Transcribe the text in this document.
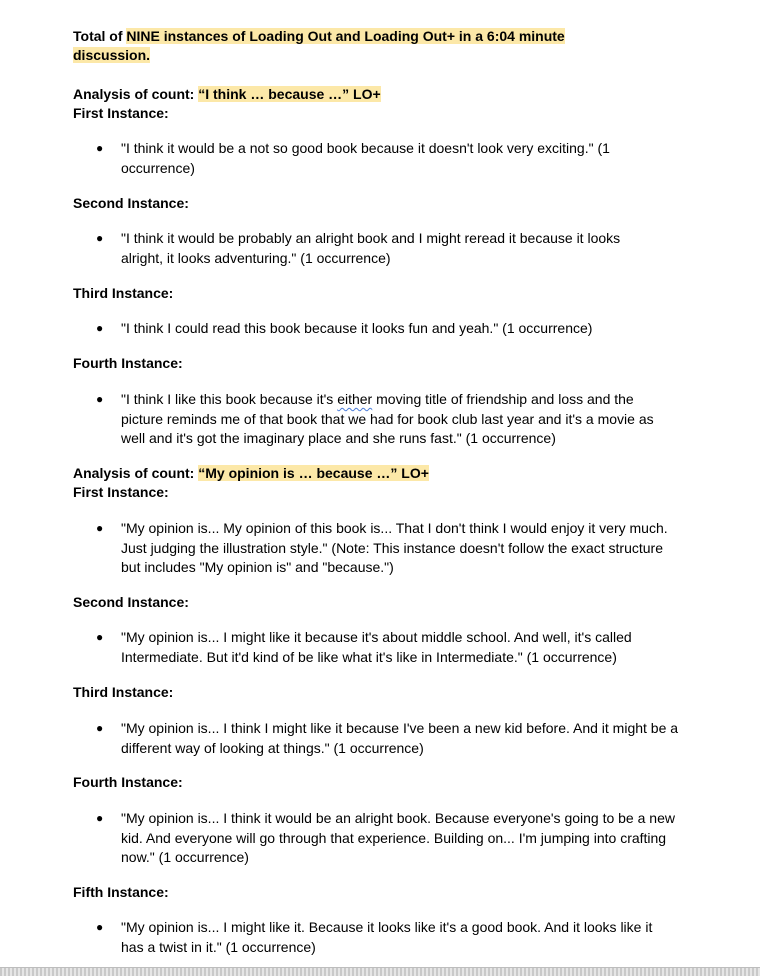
Total of NINE instances of Loading Out and Loading Out+ in a 6:04 minute discussion.
Analysis of count: “I think … because …” LO+
First Instance:
● "I think it would be a not so good book because it doesn't look very exciting." (1 occurrence)
Second Instance:
● "I think it would be probably an alright book and I might reread it because it looks alright, it looks adventuring." (1 occurrence)
Third Instance:
● "I think I could read this book because it looks fun and yeah." (1 occurrence)
Fourth Instance:
● "I think I like this book because it's either moving title of friendship and loss and the picture reminds me of that book that we had for book club last year and it's a movie as well and it's got the imaginary place and she runs fast." (1 occurrence)
Analysis of count: “My opinion is … because …” LO+
First Instance:
● "My opinion is... My opinion of this book is... That I don't think I would enjoy it very much. Just judging the illustration style." (Note: This instance doesn't follow the exact structure but includes "My opinion is" and "because.")
Second Instance:
● "My opinion is... I might like it because it's about middle school. And well, it's called Intermediate. But it'd kind of be like what it's like in Intermediate." (1 occurrence)
Third Instance:
● "My opinion is... I think I might like it because I've been a new kid before. And it might be a different way of looking at things." (1 occurrence)
Fourth Instance:
● "My opinion is... I think it would be an alright book. Because everyone's going to be a new kid. And everyone will go through that experience. Building on... I'm jumping into crafting now." (1 occurrence)
Fifth Instance:
● "My opinion is... I might like it. Because it looks like it's a good book. And it looks like it has a twist in it." (1 occurrence)
